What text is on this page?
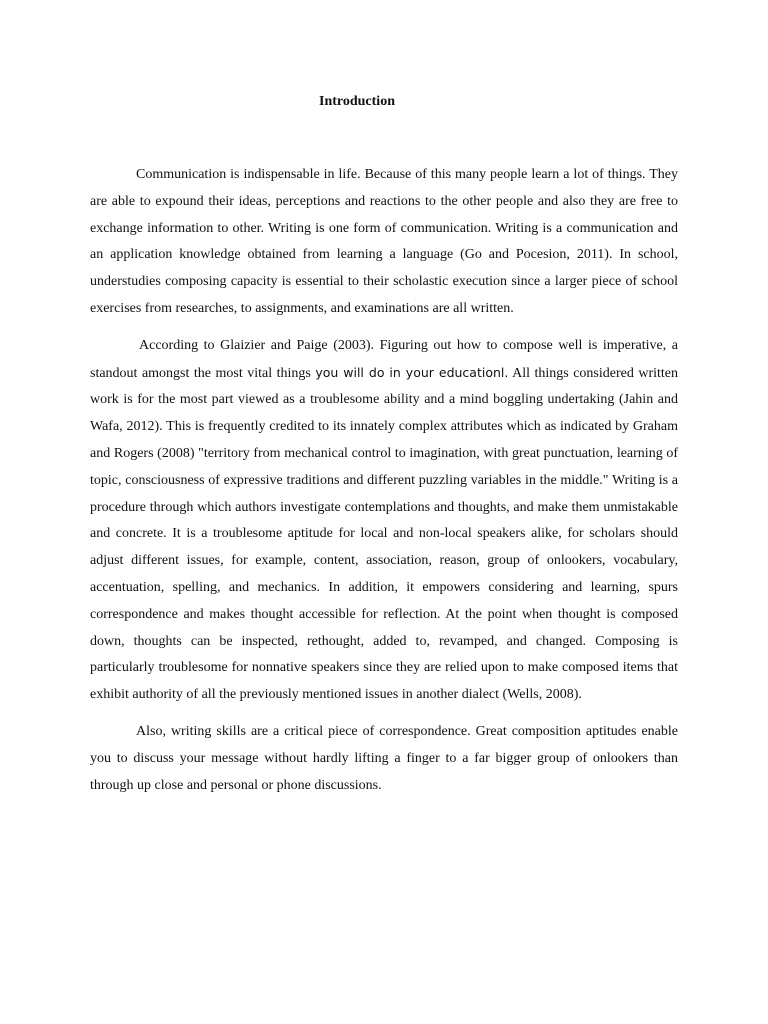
Introduction

Communication is indispensable in life. Because of this many people learn a lot of things. They are able to expound their ideas, perceptions and reactions to the other people and also they are free to exchange information to other. Writing is one form of communication. Writing is a communication and an application knowledge obtained from learning a language (Go and Pocesion, 2011). In school, understudies composing capacity is essential to their scholastic execution since a larger piece of school exercises from researches, to assignments, and examinations are all written.

According to Glaizier and Paige (2003). Figuring out how to compose well is imperative, a standout amongst the most vital things you will do in your educationl. All things considered written work is for the most part viewed as a troublesome ability and a mind boggling undertaking (Jahin and Wafa, 2012). This is frequently credited to its innately complex attributes which as indicated by Graham and Rogers (2008) "territory from mechanical control to imagination, with great punctuation, learning of topic, consciousness of expressive traditions and different puzzling variables in the middle." Writing is a procedure through which authors investigate contemplations and thoughts, and make them unmistakable and concrete. It is a troublesome aptitude for local and non-local speakers alike, for scholars should adjust different issues, for example, content, association, reason, group of onlookers, vocabulary, accentuation, spelling, and mechanics. In addition, it empowers considering and learning, spurs correspondence and makes thought accessible for reflection. At the point when thought is composed down, thoughts can be inspected, rethought, added to, revamped, and changed. Composing is particularly troublesome for nonnative speakers since they are relied upon to make composed items that exhibit authority of all the previously mentioned issues in another dialect (Wells, 2008).

Also, writing skills are a critical piece of correspondence. Great composition aptitudes enable you to discuss your message without hardly lifting a finger to a far bigger group of onlookers than through up close and personal or phone discussions.
